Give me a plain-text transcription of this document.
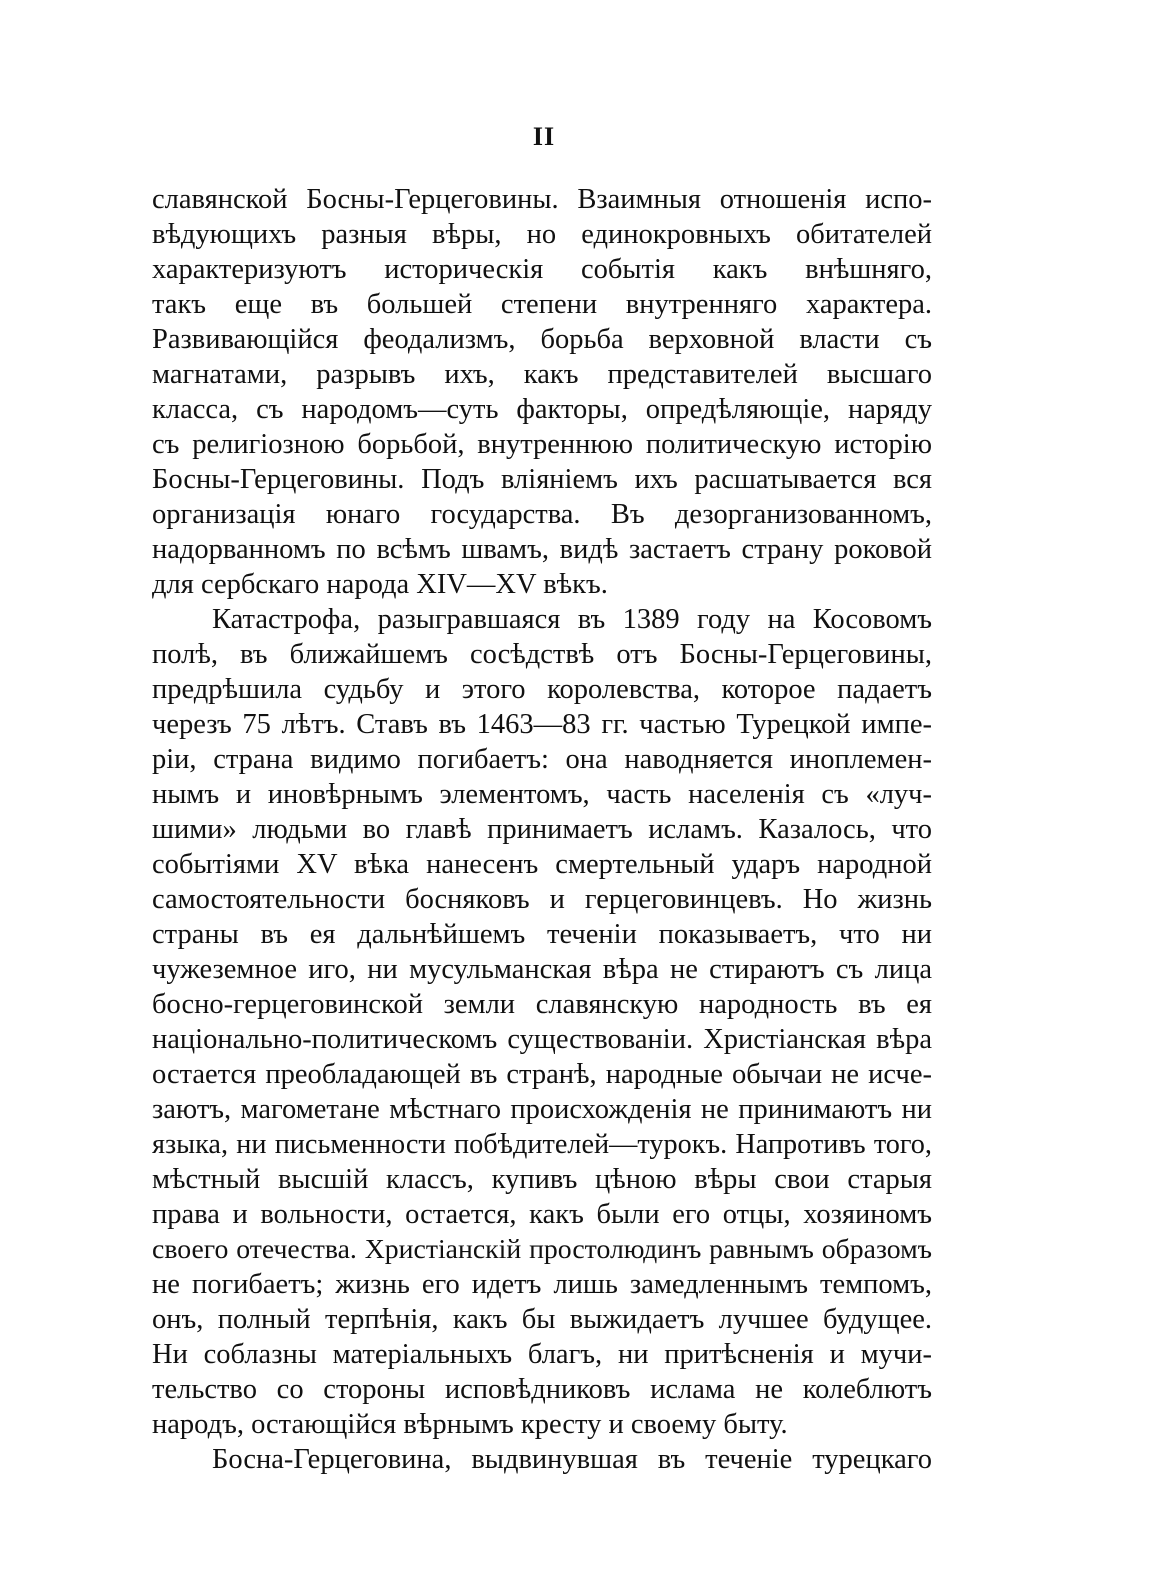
II
славянской Босны-Герцеговины. Взаимныя отношенія испо-
вѣдующихъ разныя вѣры, но единокровныхъ обитателей
характеризуютъ историческія событія какъ внѣшняго,
такъ еще въ большей степени внутренняго характера.
Развивающійся феодализмъ, борьба верховной власти съ
магнатами, разрывъ ихъ, какъ представителей высшаго
класса, съ народомъ—суть факторы, опредѣляющіе, наряду
съ религіозною борьбой, внутреннюю политическую исторію
Босны-Герцеговины. Подъ вліяніемъ ихъ расшатывается вся
организація юнаго государства. Въ дезорганизованномъ,
надорванномъ по всѣмъ швамъ, видѣ застаетъ страну роковой
для сербскаго народа XIV—XV вѣкъ.
Катастрофа, разыгравшаяся въ 1389 году на Косовомъ
полѣ, въ ближайшемъ сосѣдствѣ отъ Босны-Герцеговины,
предрѣшила судьбу и этого королевства, которое падаетъ
черезъ 75 лѣтъ. Ставъ въ 1463—83 гг. частью Турецкой импе-
ріи, страна видимо погибаетъ: она наводняется иноплемен-
нымъ и иновѣрнымъ элементомъ, часть населенія съ «луч-
шими» людьми во главѣ принимаетъ исламъ. Казалось, что
событіями XV вѣка нанесенъ смертельный ударъ народной
самостоятельности босняковъ и герцеговинцевъ. Но жизнь
страны въ ея дальнѣйшемъ теченіи показываетъ, что ни
чужеземное иго, ни мусульманская вѣра не стираютъ съ лица
босно-герцеговинской земли славянскую народность въ ея
національно-политическомъ существованіи. Христіанская вѣра
остается преобладающей въ странѣ, народные обычаи не исче-
заютъ, магометане мѣстнаго происхожденія не принимаютъ ни
языка, ни письменности побѣдителей—турокъ. Напротивъ того,
мѣстный высшій классъ, купивъ цѣною вѣры свои старыя
права и вольности, остается, какъ были его отцы, хозяиномъ
своего отечества. Христіанскій простолюдинъ равнымъ образомъ
не погибаетъ; жизнь его идетъ лишь замедленнымъ темпомъ,
онъ, полный терпѣнія, какъ бы выжидаетъ лучшее будущее.
Ни соблазны матеріальныхъ благъ, ни притѣсненія и мучи-
тельство со стороны исповѣдниковъ ислама не колеблютъ
народъ, остающійся вѣрнымъ кресту и своему быту.
Босна-Герцеговина, выдвинувшая въ теченіе турецкаго
